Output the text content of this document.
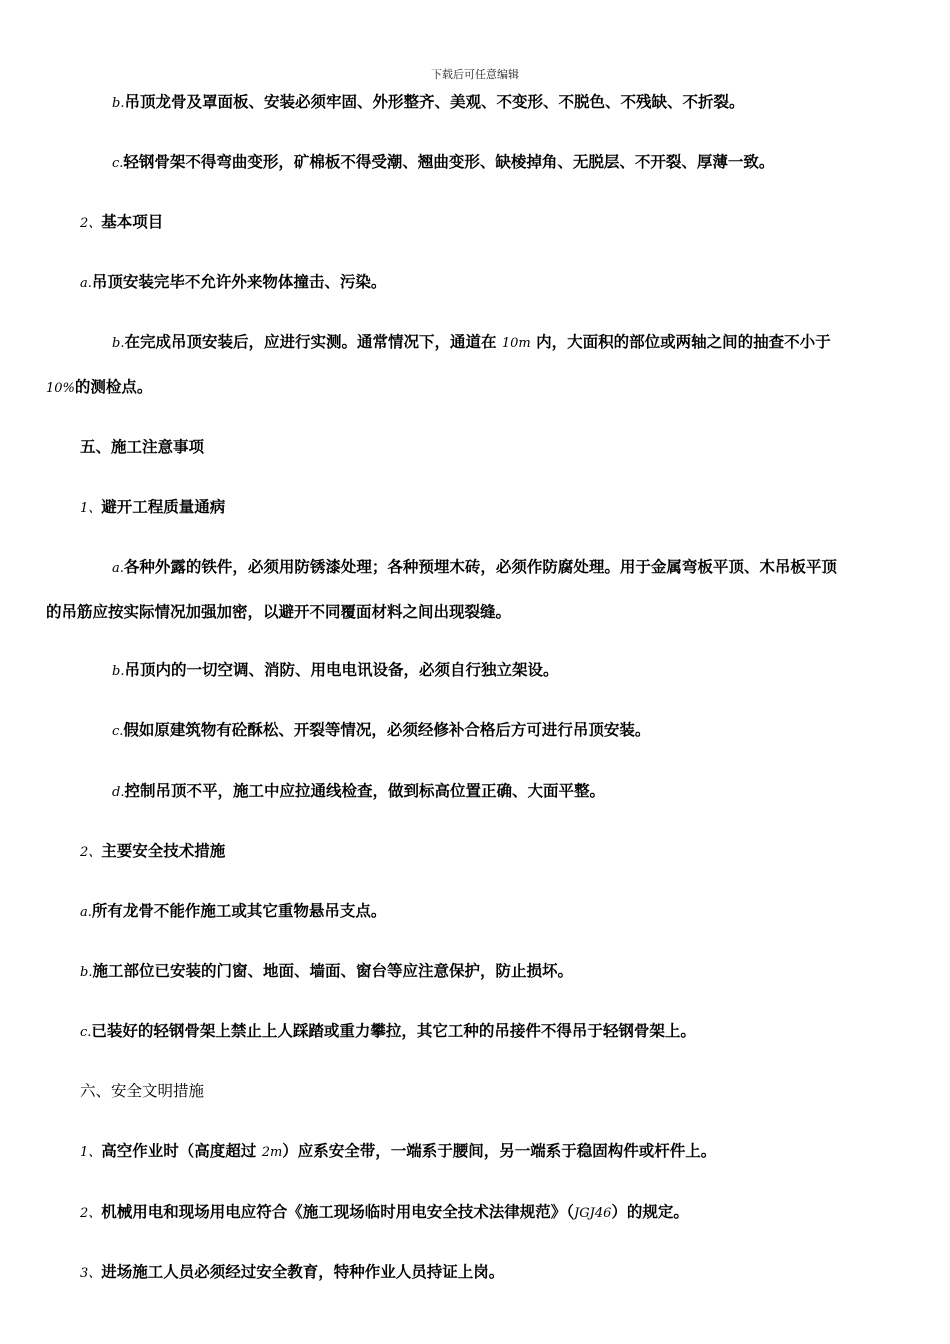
下载后可任意编辑
b.吊顶龙骨及罩面板、安装必须牢固、外形整齐、美观、不变形、不脱色、不残缺、不折裂。
c.轻钢骨架不得弯曲变形，矿棉板不得受潮、翘曲变形、缺棱掉角、无脱层、不开裂、厚薄一致。
2、基本项目
a.吊顶安装完毕不允许外来物体撞击、污染。
b.在完成吊顶安装后，应进行实测。通常情况下，通道在 10m 内，大面积的部位或两轴之间的抽查不小于
10%的测检点。
五、施工注意事项
1、避开工程质量通病
a.各种外露的铁件，必须用防锈漆处理；各种预埋木砖，必须作防腐处理。用于金属弯板平顶、木吊板平顶
的吊筋应按实际情况加强加密，以避开不同覆面材料之间出现裂缝。
b.吊顶内的一切空调、消防、用电电讯设备，必须自行独立架设。
c.假如原建筑物有砼酥松、开裂等情况，必须经修补合格后方可进行吊顶安装。
d.控制吊顶不平，施工中应拉通线检查，做到标高位置正确、大面平整。
2、主要安全技术措施
a.所有龙骨不能作施工或其它重物悬吊支点。
b.施工部位已安装的门窗、地面、墙面、窗台等应注意保护，防止损坏。
c.已装好的轻钢骨架上禁止上人踩踏或重力攀拉，其它工种的吊接件不得吊于轻钢骨架上。
六、安全文明措施
1、高空作业时（高度超过 2m）应系安全带，一端系于腰间，另一端系于稳固构件或杆件上。
2、机械用电和现场用电应符合《施工现场临时用电安全技术法律规范》（JGJ46）的规定。
3、进场施工人员必须经过安全教育，特种作业人员持证上岗。
